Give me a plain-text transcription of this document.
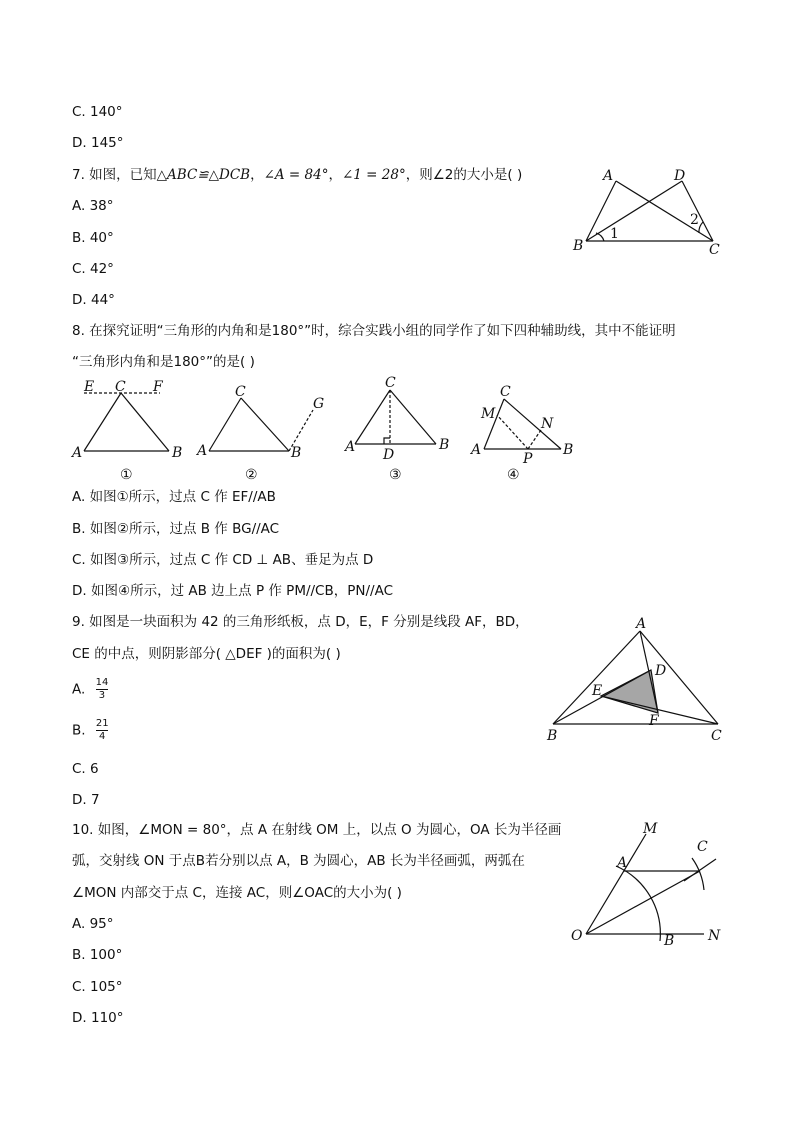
C. 140°
D. 145°
7. 如图，已知△ABC≌△DCB，∠A = 84°，∠1 = 28°，则∠2的大小是( )
A. 38°
B. 40°
C. 42°
D. 44°
A	D
B	C
1
2
8. 在探究证明“三角形的内角和是180°”时，综合实践小组的同学作了如下四种辅助线，其中不能证明
“三角形内角和是180°”的是( )
E C F
A	B
①
C
G
A	B
②
C
A D
B
③
C
M
N
A
P
B
④
A. 如图①所示，过点 C 作 EF//AB
B. 如图②所示，过点 B 作 BG//AC
C. 如图③所示，过点 C 作 CD ⊥ AB、垂足为点 D
D. 如图④所示，过 AB 边上点 P 作 PM//CB，PN//AC
9. 如图是一块面积为 42 的三角形纸板，点 D，E，F 分别是线段 AF，BD，
CE 的中点，则阴影部分( △DEF )的面积为( )
A. $\frac{14}{3}$
B. $\frac{21}{4}$
C. 6
D. 7
A
D
E
F
B	C
10. 如图，∠MON = 80°，点 A 在射线 OM 上，以点 O 为圆心，OA 长为半径画
弧，交射线 ON 于点B若分别以点 A，B 为圆心，AB 长为半径画弧，两弧在
∠MON 内部交于点 C，连接 AC，则∠OAC的大小为( )
A. 95°
B. 100°
C. 105°
D. 110°
M
C
A
O	B N
